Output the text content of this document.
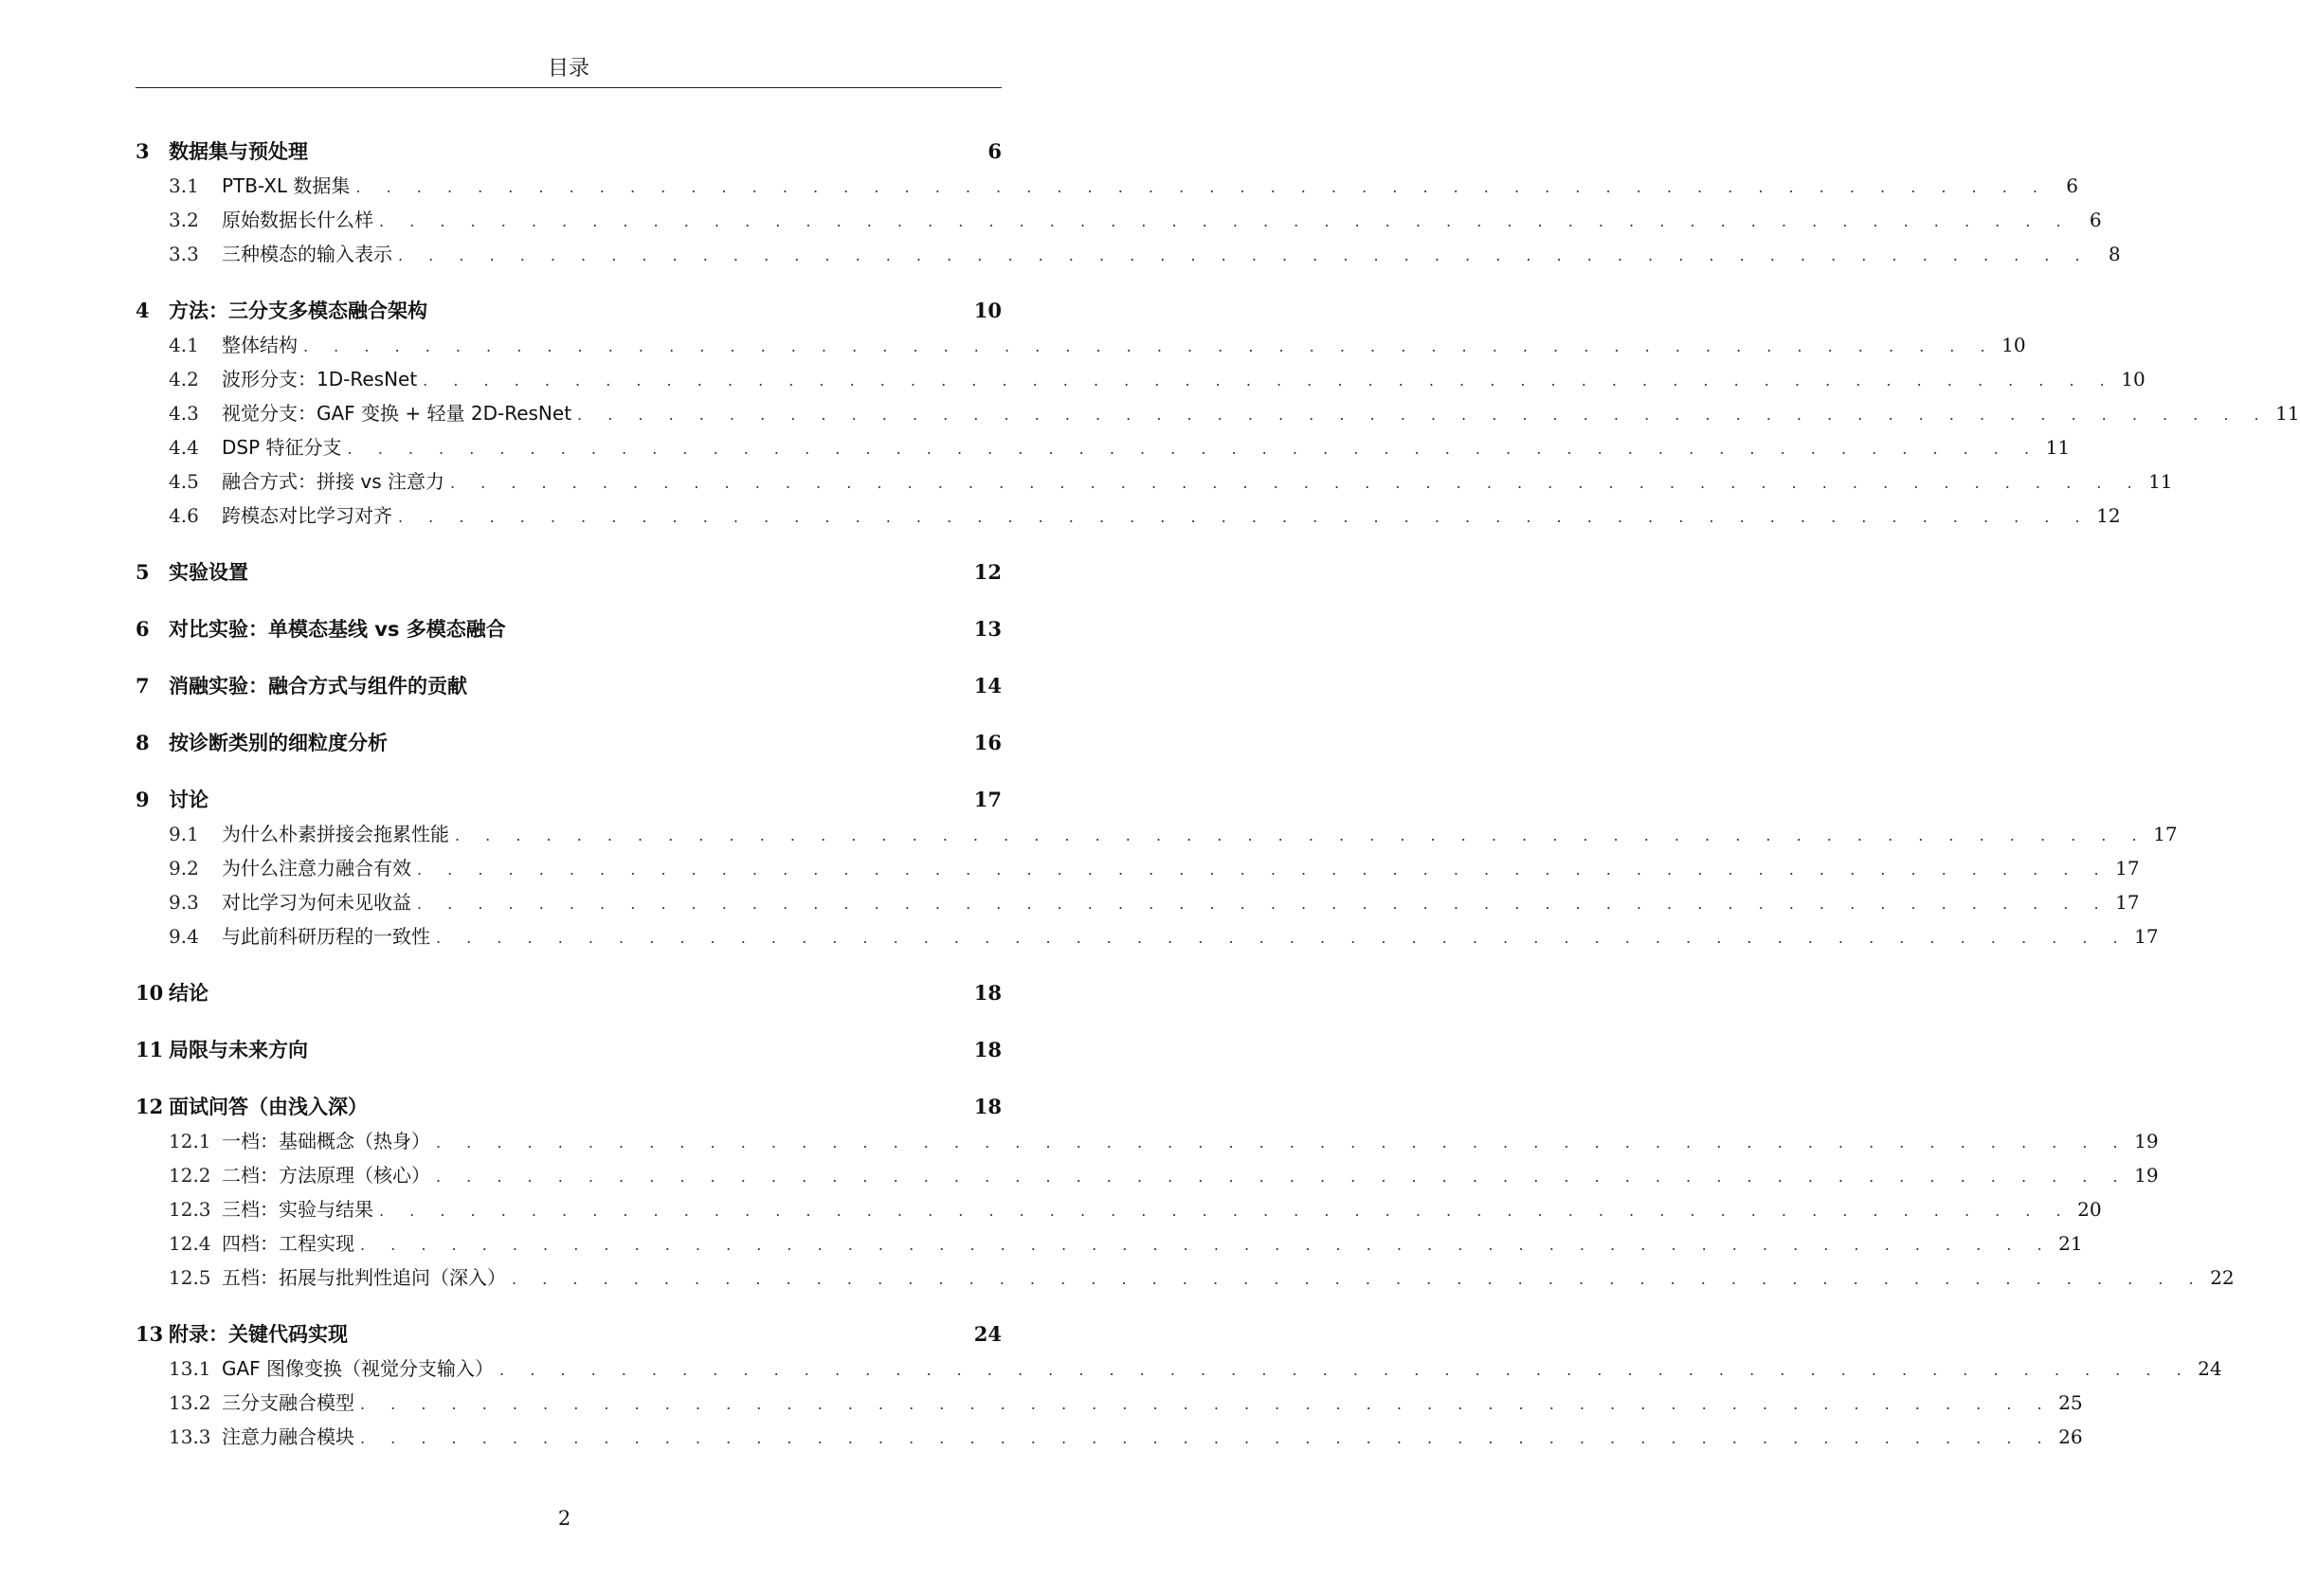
目录
3 数据集与预处理	6
3.1	PTB-XL 数据集 . . . . . . . . . . . . . . . . . . . . . . . . . . . . . . . . . . . . . . . . . . . . . . . . . . . . . . . . 6
3.2	原始数据长什么样 . . . . . . . . . . . . . . . . . . . . . . . . . . . . . . . . . . . . . . . . . . . . . . . . . . . . . . . . 6
3.3	三种模态的输入表示 . . . . . . . . . . . . . . . . . . . . . . . . . . . . . . . . . . . . . . . . . . . . . . . . . . . . . . . . 8
4 方法：三分支多模态融合架构	10
4.1	整体结构 . . . . . . . . . . . . . . . . . . . . . . . . . . . . . . . . . . . . . . . . . . . . . . . . . . . . . . . . 10
4.2	波形分支：1D-ResNet . . . . . . . . . . . . . . . . . . . . . . . . . . . . . . . . . . . . . . . . . . . . . . . . . . . . . . . . 10
4.3	视觉分支：GAF 变换 + 轻量 2D-ResNet . . . . . . . . . . . . . . . . . . . . . . . . . . . . . . . . . . . . . . . . . . . . . . . . . . . . . . . . 11
4.4	DSP 特征分支 . . . . . . . . . . . . . . . . . . . . . . . . . . . . . . . . . . . . . . . . . . . . . . . . . . . . . . . . 11
4.5	融合方式：拼接 vs 注意力 . . . . . . . . . . . . . . . . . . . . . . . . . . . . . . . . . . . . . . . . . . . . . . . . . . . . . . . . 11
4.6	跨模态对比学习对齐 . . . . . . . . . . . . . . . . . . . . . . . . . . . . . . . . . . . . . . . . . . . . . . . . . . . . . . . . 12
5 实验设置	12
6 对比实验：单模态基线 vs 多模态融合	13
7 消融实验：融合方式与组件的贡献	14
8 按诊断类别的细粒度分析	16
9 讨论	17
9.1	为什么朴素拼接会拖累性能 . . . . . . . . . . . . . . . . . . . . . . . . . . . . . . . . . . . . . . . . . . . . . . . . . . . . . . . . 17
9.2	为什么注意力融合有效 . . . . . . . . . . . . . . . . . . . . . . . . . . . . . . . . . . . . . . . . . . . . . . . . . . . . . . . . 17
9.3	对比学习为何未见收益 . . . . . . . . . . . . . . . . . . . . . . . . . . . . . . . . . . . . . . . . . . . . . . . . . . . . . . . . 17
9.4	与此前科研历程的一致性 . . . . . . . . . . . . . . . . . . . . . . . . . . . . . . . . . . . . . . . . . . . . . . . . . . . . . . . . 17
10 结论	18
11 局限与未来方向	18
12 面试问答（由浅入深）	18
12.1 一档：基础概念（热身） . . . . . . . . . . . . . . . . . . . . . . . . . . . . . . . . . . . . . . . . . . . . . . . . . . . . . . . . 19
12.2 二档：方法原理（核心） . . . . . . . . . . . . . . . . . . . . . . . . . . . . . . . . . . . . . . . . . . . . . . . . . . . . . . . . 19
12.3 三档：实验与结果 . . . . . . . . . . . . . . . . . . . . . . . . . . . . . . . . . . . . . . . . . . . . . . . . . . . . . . . . 20
12.4 四档：工程实现 . . . . . . . . . . . . . . . . . . . . . . . . . . . . . . . . . . . . . . . . . . . . . . . . . . . . . . . . 21
12.5 五档：拓展与批判性追问（深入） . . . . . . . . . . . . . . . . . . . . . . . . . . . . . . . . . . . . . . . . . . . . . . . . . . . . . . . . 22
13 附录：关键代码实现	24
13.1 GAF 图像变换（视觉分支输入） . . . . . . . . . . . . . . . . . . . . . . . . . . . . . . . . . . . . . . . . . . . . . . . . . . . . . . . . 24
13.2 三分支融合模型 . . . . . . . . . . . . . . . . . . . . . . . . . . . . . . . . . . . . . . . . . . . . . . . . . . . . . . . . 25
13.3 注意力融合模块 . . . . . . . . . . . . . . . . . . . . . . . . . . . . . . . . . . . . . . . . . . . . . . . . . . . . . . . . 26
2
